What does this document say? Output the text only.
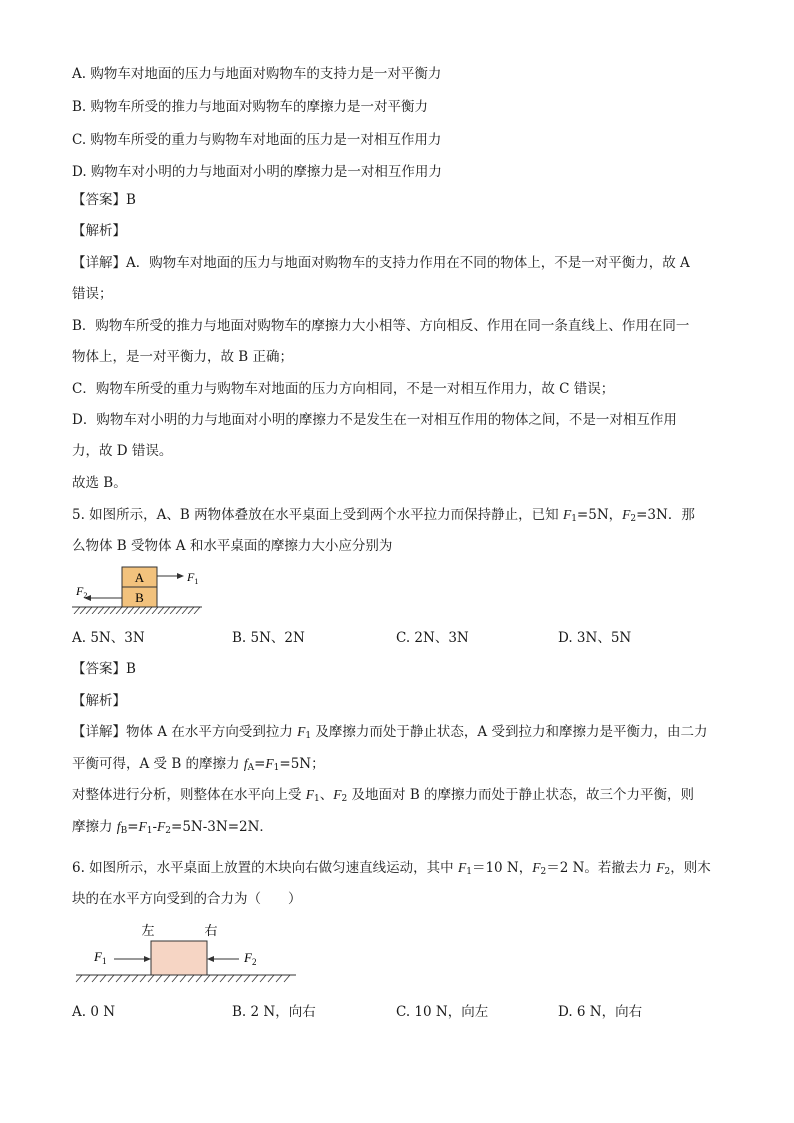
A. 购物车对地面的压力与地面对购物车的支持力是一对平衡力
B. 购物车所受的推力与地面对购物车的摩擦力是一对平衡力
C. 购物车所受的重力与购物车对地面的压力是一对相互作用力
D. 购物车对小明的力与地面对小明的摩擦力是一对相互作用力
【答案】B
【解析】
【详解】A．购物车对地面的压力与地面对购物车的支持力作用在不同的物体上，不是一对平衡力，故 A
错误；
B．购物车所受的推力与地面对购物车的摩擦力大小相等、方向相反、作用在同一条直线上、作用在同一
物体上，是一对平衡力，故 B 正确；
C．购物车所受的重力与购物车对地面的压力方向相同，不是一对相互作用力，故 C 错误；
D．购物车对小明的力与地面对小明的摩擦力不是发生在一对相互作用的物体之间，不是一对相互作用
力，故 D 错误。
故选 B。
5. 如图所示，A、B 两物体叠放在水平桌面上受到两个水平拉力而保持静止，已知 $F_1=5N$，$F_2=3N$．那
么物体 B 受物体 A 和水平桌面的摩擦力大小应分别为
A
B
$F_1$
$F_2$
A. 5N、3N	B. 5N、2N	C. 2N、3N	D. 3N、5N
【答案】B
【解析】
【详解】物体 A 在水平方向受到拉力 $F_1$ 及摩擦力而处于静止状态，A 受到拉力和摩擦力是平衡力，由二力
平衡可得，A 受 B 的摩擦力 $f_A=F_1=5N$；
对整体进行分析，则整体在水平向上受 $F_1$、$F_2$ 及地面对 B 的摩擦力而处于静止状态，故三个力平衡，则
摩擦力 $f_B=F_1-F_2=5N-3N=2N$．
6. 如图所示，水平桌面上放置的木块向右做匀速直线运动，其中 $F_1=10$ N，$F_2=2$ N。若撤去力 $F_2$，则木
块的在水平方向受到的合力为（　　）
左	右
$F_1$	$F_2$
A. 0 N	B. 2 N，向右	C. 10 N，向左	D. 6 N，向右
